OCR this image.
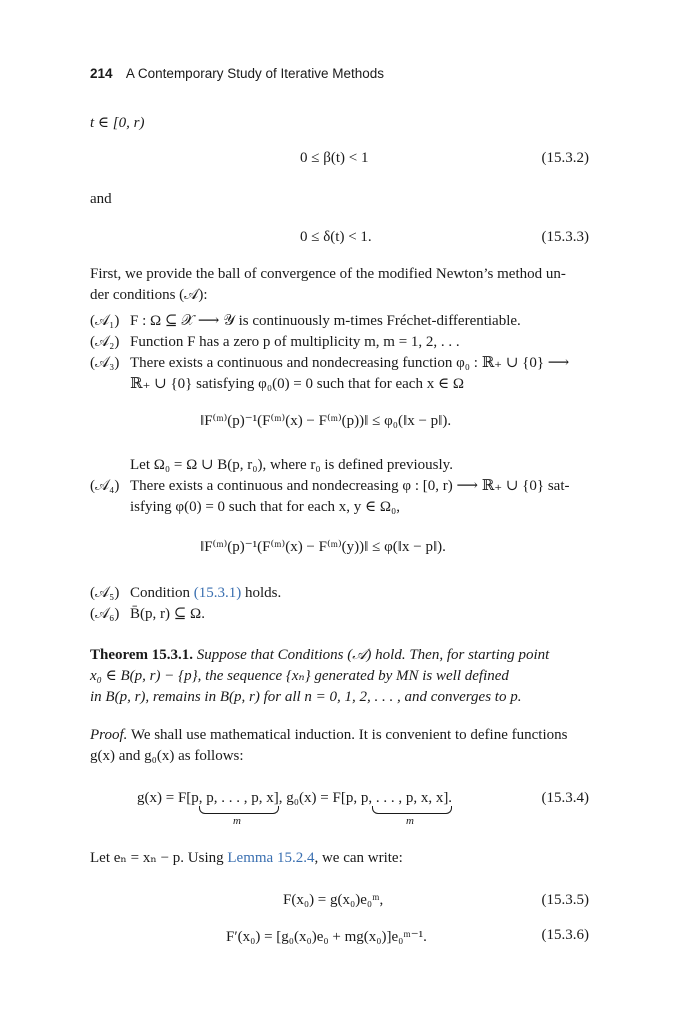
214 A Contemporary Study of Iterative Methods
t ∈ [0, r)
0 ≤ β(t) < 1	(15.3.2)
and
0 ≤ δ(t) < 1.	(15.3.3)
First, we provide the ball of convergence of the modified Newton’s method un-
der conditions (𝒜):
(𝒜₁) F : Ω ⊆ 𝒳 ⟶ 𝒴 is continuously m-times Fréchet-differentiable.
(𝒜₂) Function F has a zero p of multiplicity m, m = 1, 2, . . .
(𝒜₃) There exists a continuous and nondecreasing function φ₀ : ℝ₊ ∪ {0} ⟶
ℝ₊ ∪ {0} satisfying φ₀(0) = 0 such that for each x ∈ Ω
‖F⁽ᵐ⁾(p)⁻¹(F⁽ᵐ⁾(x) − F⁽ᵐ⁾(p))‖ ≤ φ₀(‖x − p‖).
Let Ω₀ = Ω ∪ B(p, r₀), where r₀ is defined previously.
(𝒜₄) There exists a continuous and nondecreasing φ : [0, r) ⟶ ℝ₊ ∪ {0} sat-
isfying φ(0) = 0 such that for each x, y ∈ Ω₀,
‖F⁽ᵐ⁾(p)⁻¹(F⁽ᵐ⁾(x) − F⁽ᵐ⁾(y))‖ ≤ φ(‖x − p‖).
(𝒜₅) Condition (15.3.1) holds.
(𝒜₆) B̄(p, r) ⊆ Ω.
Theorem 15.3.1. Suppose that Conditions (𝒜) hold. Then, for starting point
x₀ ∈ B(p, r) − {p}, the sequence {xₙ} generated by MN is well defined
in B(p, r), remains in B(p, r) for all n = 0, 1, 2, . . . , and converges to p.
Proof. We shall use mathematical induction. It is convenient to define functions
g(x) and g₀(x) as follows:
g(x) = F[p, p, . . . , p, x], g₀(x) = F[p, p, . . . , p, x, x].
m	m
(15.3.4)
Let eₙ = xₙ − p. Using Lemma 15.2.4, we can write:
F(x₀) = g(x₀)e₀ᵐ,	(15.3.5)
F′(x₀) = [g₀(x₀)e₀ + mg(x₀)]e₀ᵐ⁻¹.	(15.3.6)
